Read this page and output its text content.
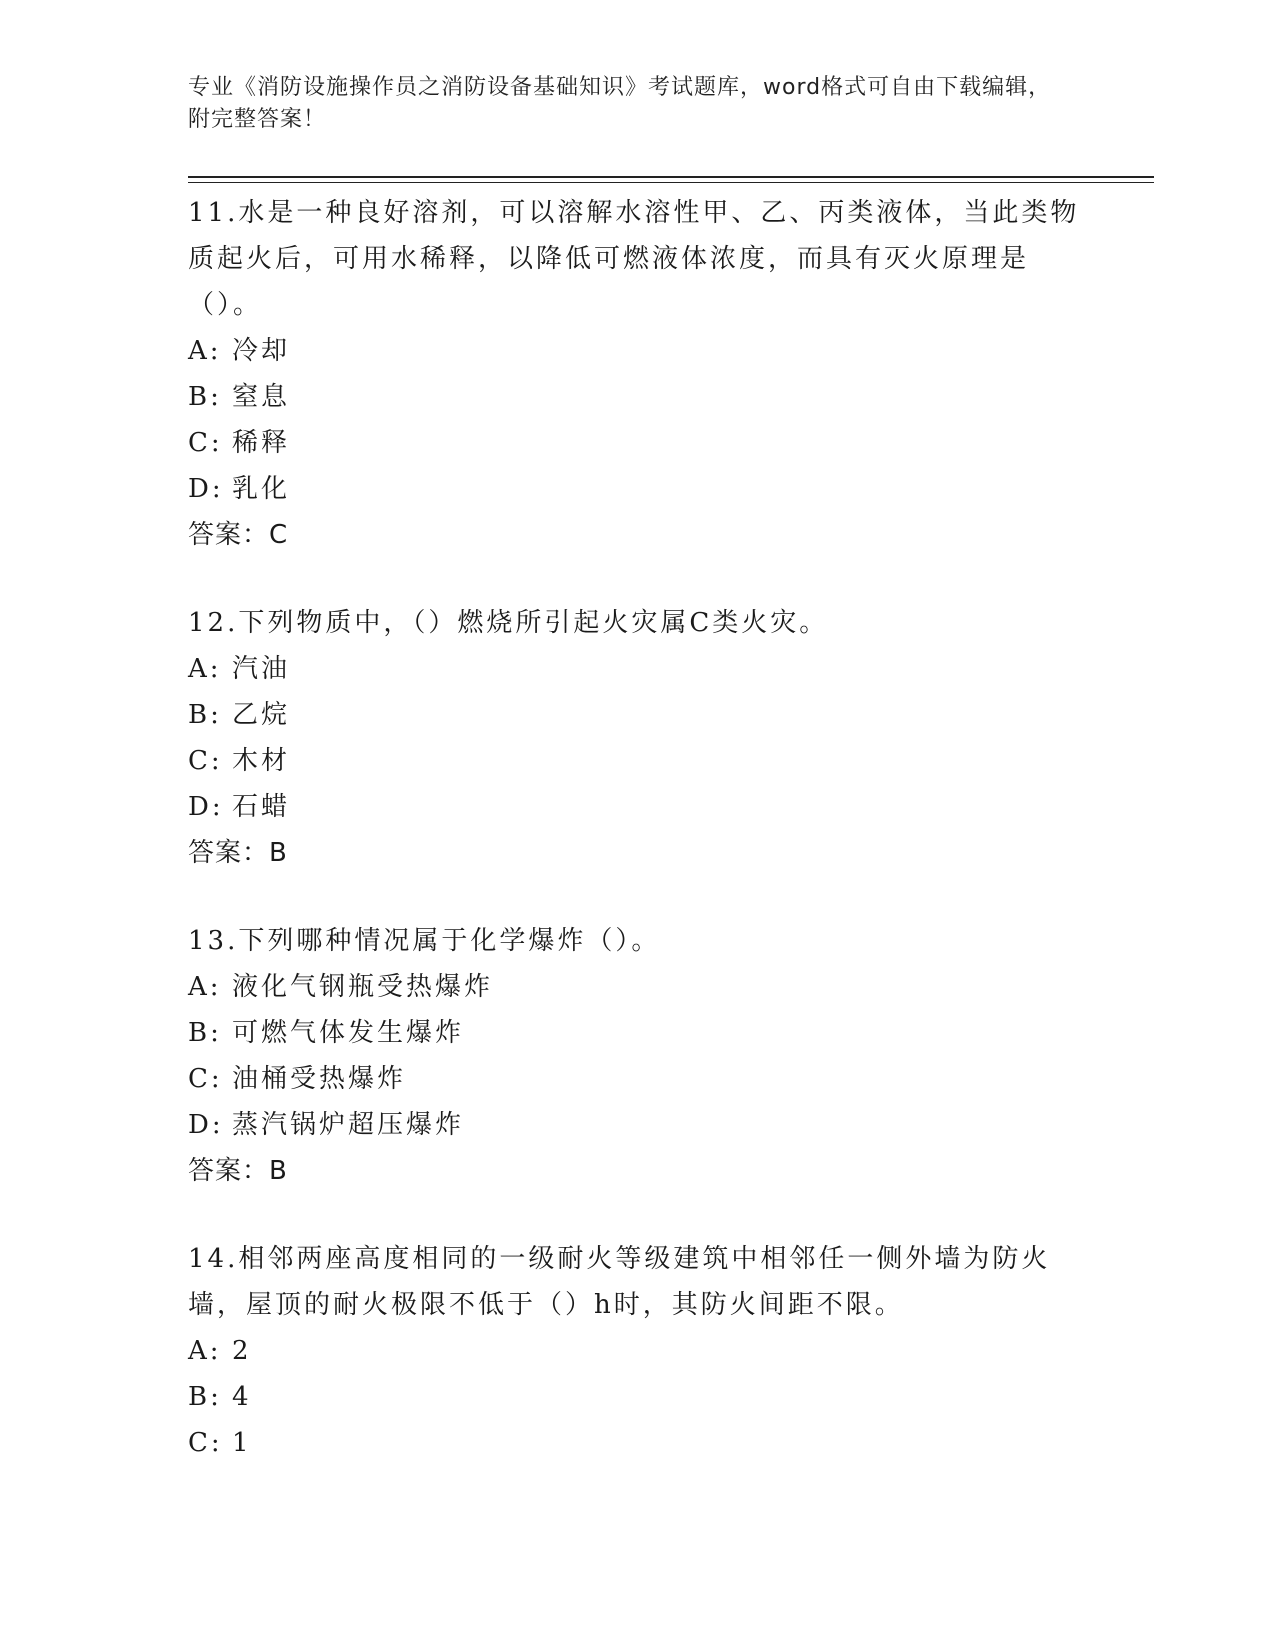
专业《消防设施操作员之消防设备基础知识》考试题库，word格式可自由下载编辑，附完整答案！

11.水是一种良好溶剂，可以溶解水溶性甲、乙、丙类液体，当此类物质起火后，可用水稀释，以降低可燃液体浓度，而具有灭火原理是（）。

A: 冷却

B: 窒息

C: 稀释

D: 乳化

答案：C

12.下列物质中，（）燃烧所引起火灾属C类火灾。

A: 汽油

B: 乙烷

C: 木材

D: 石蜡

答案：B

13.下列哪种情况属于化学爆炸（）。

A: 液化气钢瓶受热爆炸

B: 可燃气体发生爆炸

C: 油桶受热爆炸

D: 蒸汽锅炉超压爆炸

答案：B

14.相邻两座高度相同的一级耐火等级建筑中相邻任一侧外墙为防火墙，屋顶的耐火极限不低于（）h时，其防火间距不限。

A: 2

B: 4

C: 1
